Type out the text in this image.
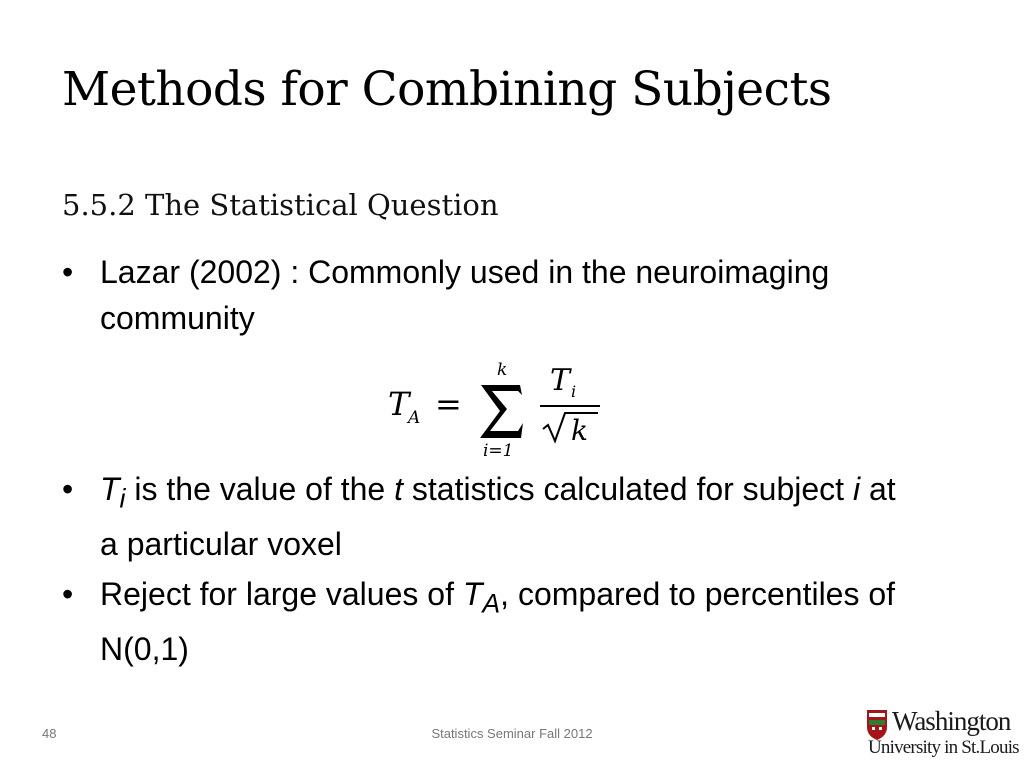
Methods for Combining Subjects
5.5.2 The Statistical Question
• Lazar (2002) : Commonly used in the neuroimaging community
T
A =
k
i=1
T i
k
• $T_i$ is the value of the t statistics calculated for subject i at a particular voxel
• Reject for large values of $T_A$, compared to percentiles of N(0,1)
48	Statistics Seminar Fall 2012	Washington
University in St.Louis
